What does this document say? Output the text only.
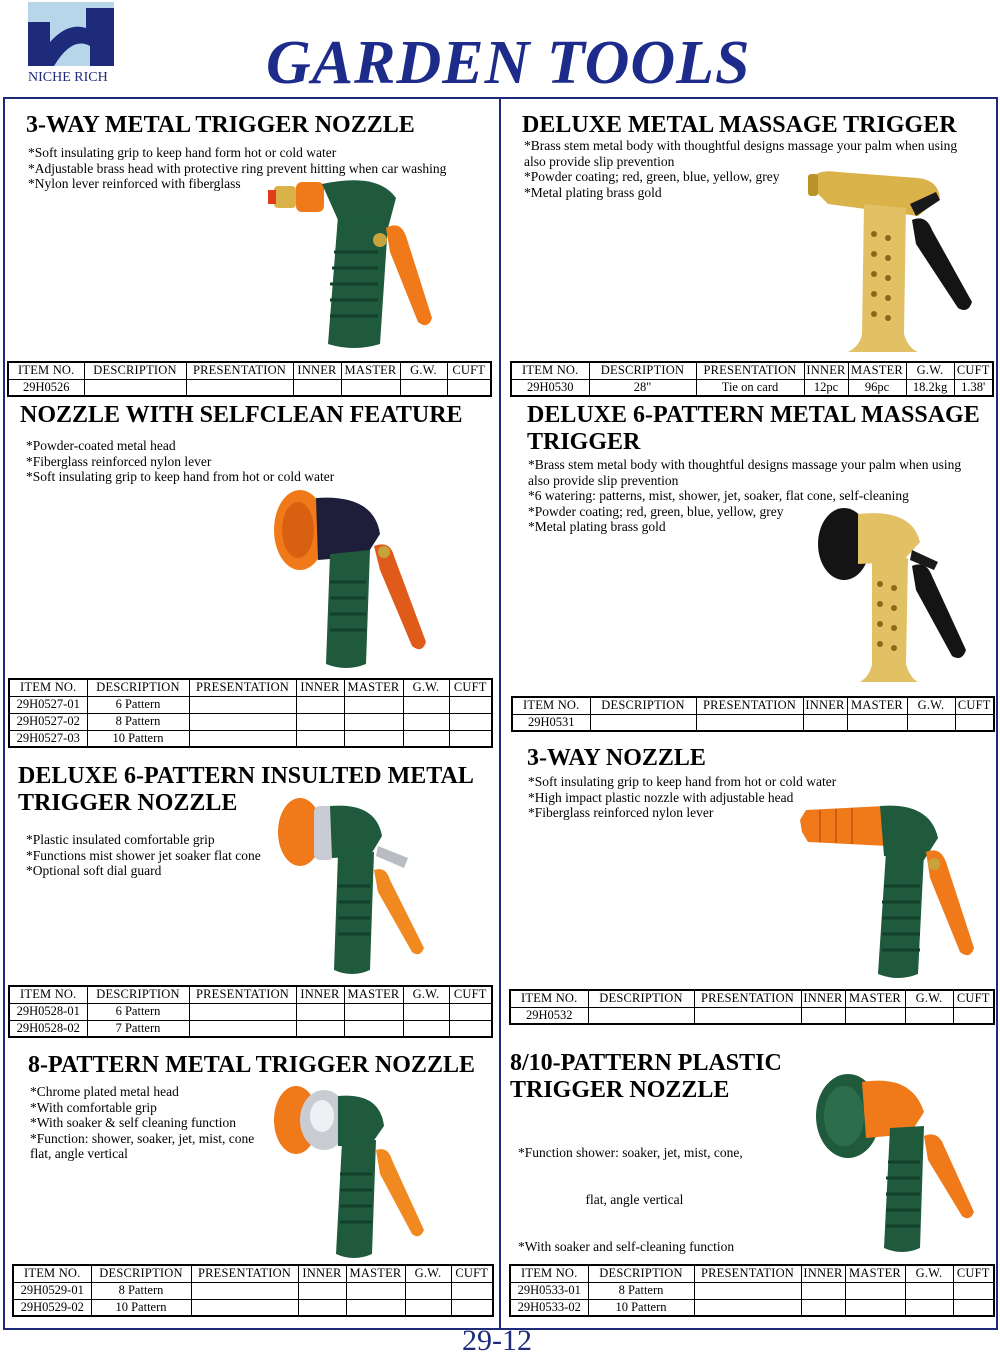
NICHE RICH	GARDEN TOOLS
3-WAY METAL TRIGGER NOZZLE
*Soft insulating grip to keep hand form hot or cold water
*Adjustable brass head with protective ring prevent hitting when car washing
*Nylon lever reinforced with fiberglass
ITEM NO.	DESCRIPTION	PRESENTATION	INNER	MASTER	G.W.	CUFT
29H0526						
NOZZLE WITH SELFCLEAN FEATURE
*Powder-coated metal head
*Fiberglass reinforced nylon lever
*Soft insulating grip to keep hand from hot or cold water
ITEM NO.	DESCRIPTION	PRESENTATION	INNER	MASTER	G.W.	CUFT
29H0527-01	6 Pattern					
29H0527-02	8 Pattern					
29H0527-03	10 Pattern					
DELUXE 6-PATTERN INSULTED METAL
TRIGGER NOZZLE
*Plastic insulated comfortable grip
*Functions mist shower jet soaker flat cone
*Optional soft dial guard
ITEM NO.	DESCRIPTION	PRESENTATION	INNER	MASTER	G.W.	CUFT
29H0528-01	6 Pattern					
29H0528-02	7 Pattern					
8-PATTERN METAL TRIGGER NOZZLE
*Chrome plated metal head
*With comfortable grip
*With soaker & self cleaning function
*Function: shower, soaker, jet, mist, cone
flat, angle vertical
ITEM NO.	DESCRIPTION	PRESENTATION	INNER	MASTER	G.W.	CUFT
29H0529-01	8 Pattern					
29H0529-02	10 Pattern					
DELUXE METAL MASSAGE TRIGGER
*Brass stem metal body with thoughtful designs massage your palm when using
also provide slip prevention
*Powder coating; red, green, blue, yellow, grey
*Metal plating brass gold
ITEM NO.	DESCRIPTION	PRESENTATION	INNER	MASTER	G.W.	CUFT
29H0530	28"	Tie on card	12pc	96pc	18.2kg	1.38'
DELUXE 6-PATTERN METAL MASSAGE
TRIGGER
*Brass stem metal body with thoughtful designs massage your palm when using
also provide slip prevention
*6 watering: patterns, mist, shower, jet, soaker, flat cone, self-cleaning
*Powder coating; red, green, blue, yellow, grey
*Metal plating brass gold
ITEM NO.	DESCRIPTION	PRESENTATION	INNER	MASTER	G.W.	CUFT
29H0531						
3-WAY NOZZLE
*Soft insulating grip to keep hand from hot or cold water
*High impact plastic nozzle with adjustable head
*Fiberglass reinforced nylon lever
ITEM NO.	DESCRIPTION	PRESENTATION	INNER	MASTER	G.W.	CUFT
29H0532						
8/10-PATTERN PLASTIC
TRIGGER NOZZLE

*Function shower: soaker, jet, mist, cone,

flat, angle vertical

*With soaker and self-cleaning function

ITEM NO.	DESCRIPTION	PRESENTATION	INNER	MASTER	G.W.	CUFT
29H0533-01	8 Pattern					
29H0533-02	10 Pattern					
29-12
